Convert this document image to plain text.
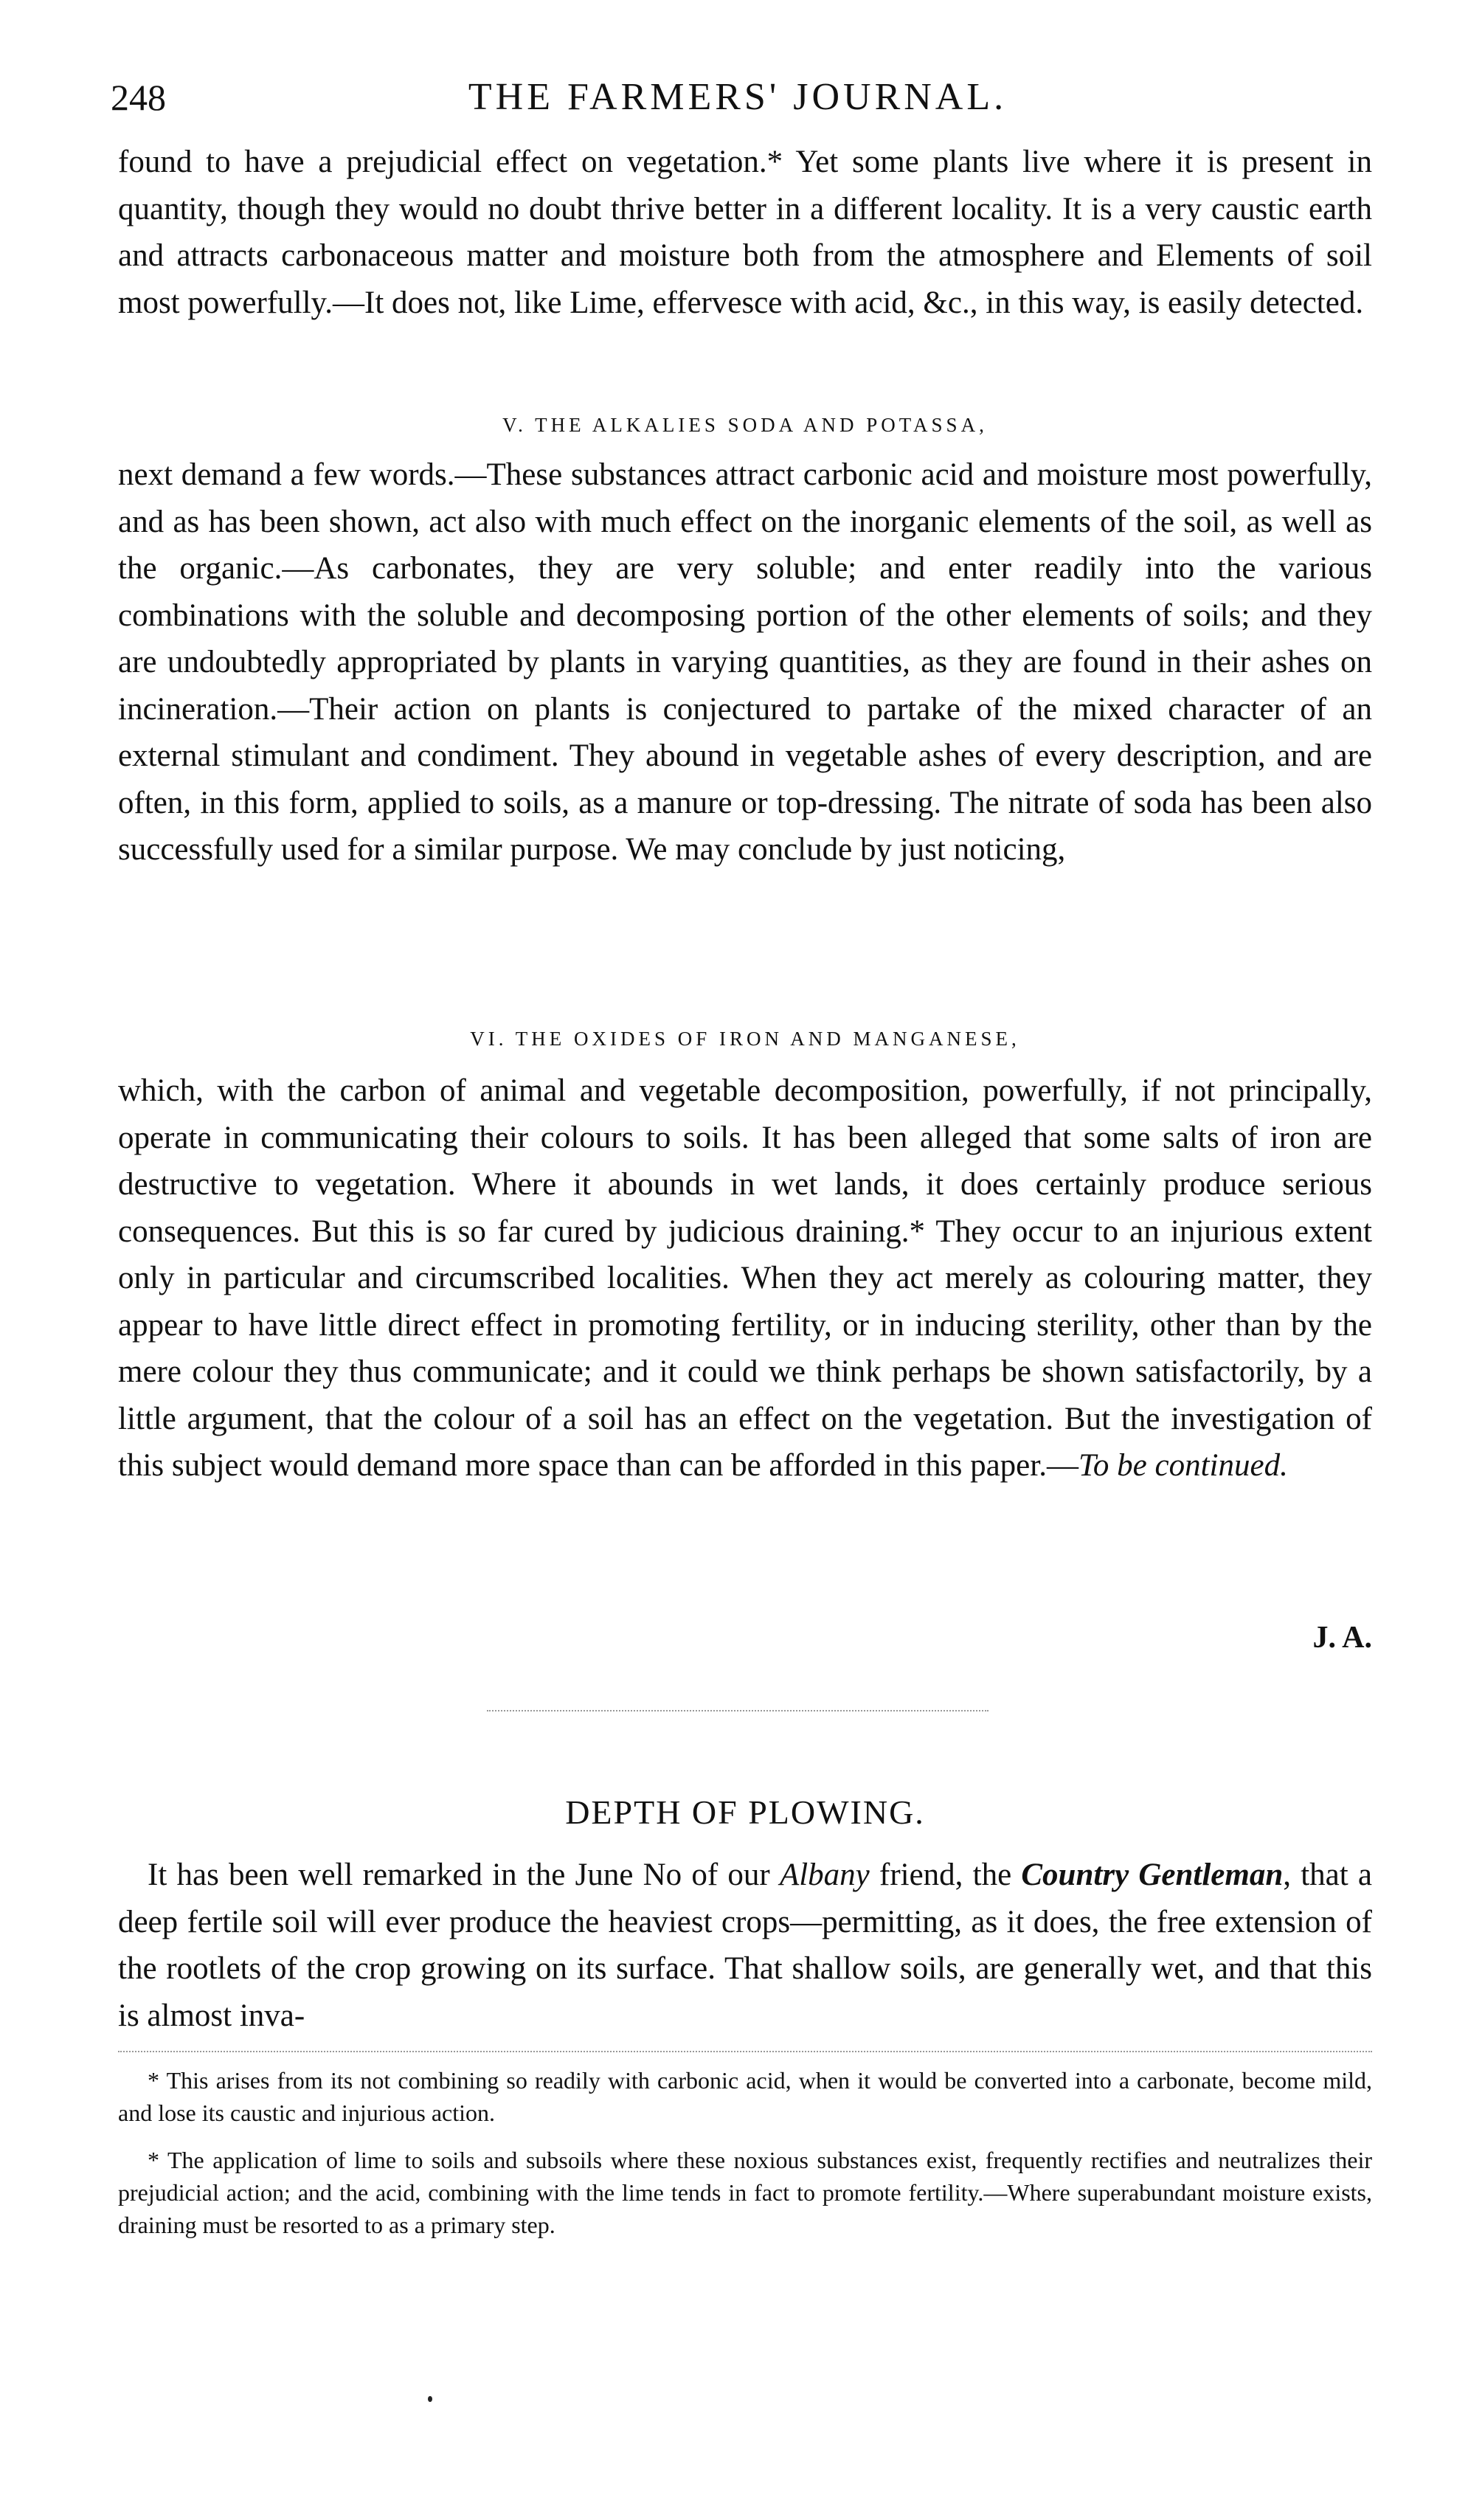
248	THE FARMERS' JOURNAL.

found to have a prejudicial effect on vegetation.* Yet some plants live where it is present in quantity, though they would no doubt thrive better in a different locality. It is a very caustic earth and attracts carbonaceous matter and moisture both from the atmosphere and Elements of soil most powerfully.—It does not, like Lime, effervesce with acid, &c., in this way, is easily detected.

V. THE ALKALIES SODA AND POTASSA,

next demand a few words.—These substances attract carbonic acid and moisture most powerfully, and as has been shown, act also with much effect on the inorganic elements of the soil, as well as the organic.—As carbonates, they are very soluble; and enter readily into the various combinations with the soluble and decomposing portion of the other elements of soils; and they are undoubtedly appropriated by plants in varying quantities, as they are found in their ashes on incineration.—Their action on plants is conjectured to partake of the mixed character of an external stimulant and condiment. They abound in vegetable ashes of every description, and are often, in this form, applied to soils, as a manure or top-dressing. The nitrate of soda has been also successfully used for a similar purpose. We may conclude by just noticing,

VI. THE OXIDES OF IRON AND MANGANESE,

which, with the carbon of animal and vegetable decomposition, powerfully, if not principally, operate in communicating their colours to soils. It has been alleged that some salts of iron are destructive to vegetation. Where it abounds in wet lands, it does certainly produce serious consequences. But this is so far cured by judicious draining.* They occur to an injurious extent only in particular and circumscribed localities. When they act merely as colouring matter, they appear to have little direct effect in promoting fertility, or in inducing sterility, other than by the mere colour they thus communicate; and it could we think perhaps be shown satisfactorily, by a little argument, that the colour of a soil has an effect on the vegetation. But the investigation of this subject would demand more space than can be afforded in this paper.—To be continued.

J. A.
DEPTH OF PLOWING.

It has been well remarked in the June No of our Albany friend, the Country Gentleman, that a deep fertile soil will ever produce the heaviest crops—permitting, as it does, the free extension of the rootlets of the crop growing on its surface. That shallow soils, are generally wet, and that this is almost inva-

* This arises from its not combining so readily with carbonic acid, when it would be converted into a carbonate, become mild, and lose its caustic and injurious action.

* The application of lime to soils and subsoils where these noxious substances exist, frequently rectifies and neutralizes their prejudicial action; and the acid, combining with the lime tends in fact to promote fertility.—Where superabundant moisture exists, draining must be resorted to as a primary step.
